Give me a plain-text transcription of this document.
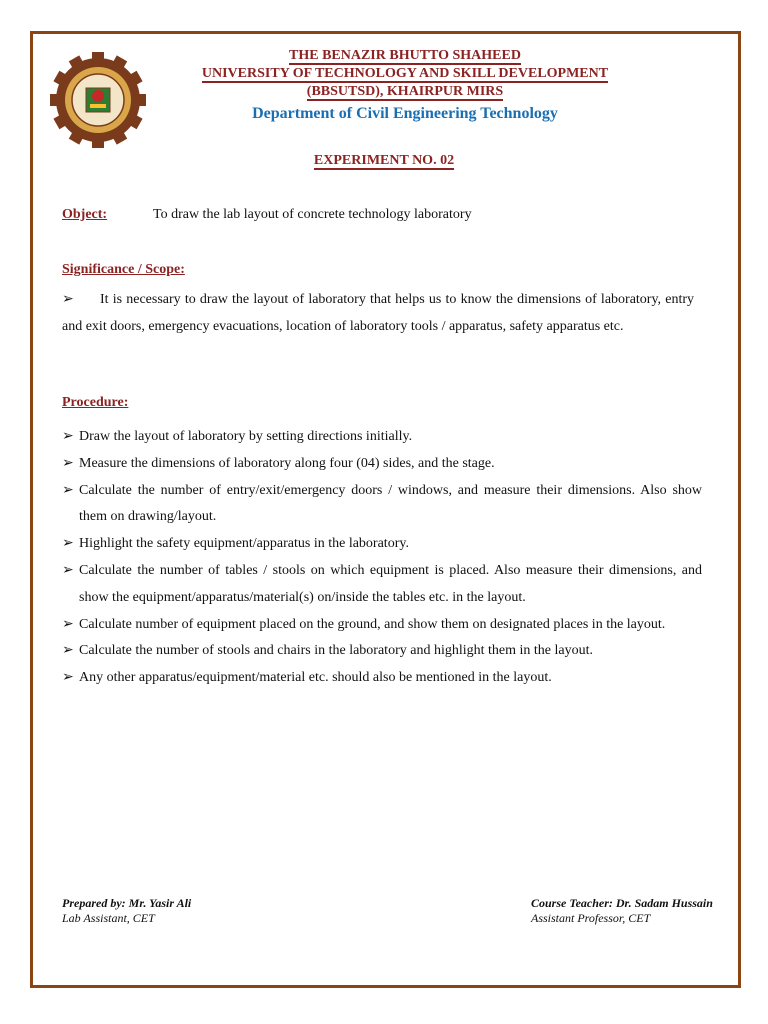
THE BENAZIR BHUTTO SHAHEED
UNIVERSITY OF TECHNOLOGY AND SKILL DEVELOPMENT
(BBSUTSD), KHAIRPUR MIRS
Department of Civil Engineering Technology
EXPERIMENT NO. 02
Object:	To draw the lab layout of concrete technology laboratory
Significance / Scope:
➢ It is necessary to draw the layout of laboratory that helps us to know the dimensions of laboratory, entry and exit doors, emergency evacuations, location of laboratory tools / apparatus, safety apparatus etc.
Procedure:
➢ Draw the layout of laboratory by setting directions initially.
➢ Measure the dimensions of laboratory along four (04) sides, and the stage.
➢ Calculate the number of entry/exit/emergency doors / windows, and measure their dimensions. Also show them on drawing/layout.
➢ Highlight the safety equipment/apparatus in the laboratory.
➢ Calculate the number of tables / stools on which equipment is placed. Also measure their dimensions, and show the equipment/apparatus/material(s) on/inside the tables etc. in the layout.
➢ Calculate number of equipment placed on the ground, and show them on designated places in the layout.
➢ Calculate the number of stools and chairs in the laboratory and highlight them in the layout.
➢ Any other apparatus/equipment/material etc. should also be mentioned in the layout.
Prepared by: Mr. Yasir Ali
Lab Assistant, CET
Course Teacher: Dr. Sadam Hussain
Assistant Professor, CET
